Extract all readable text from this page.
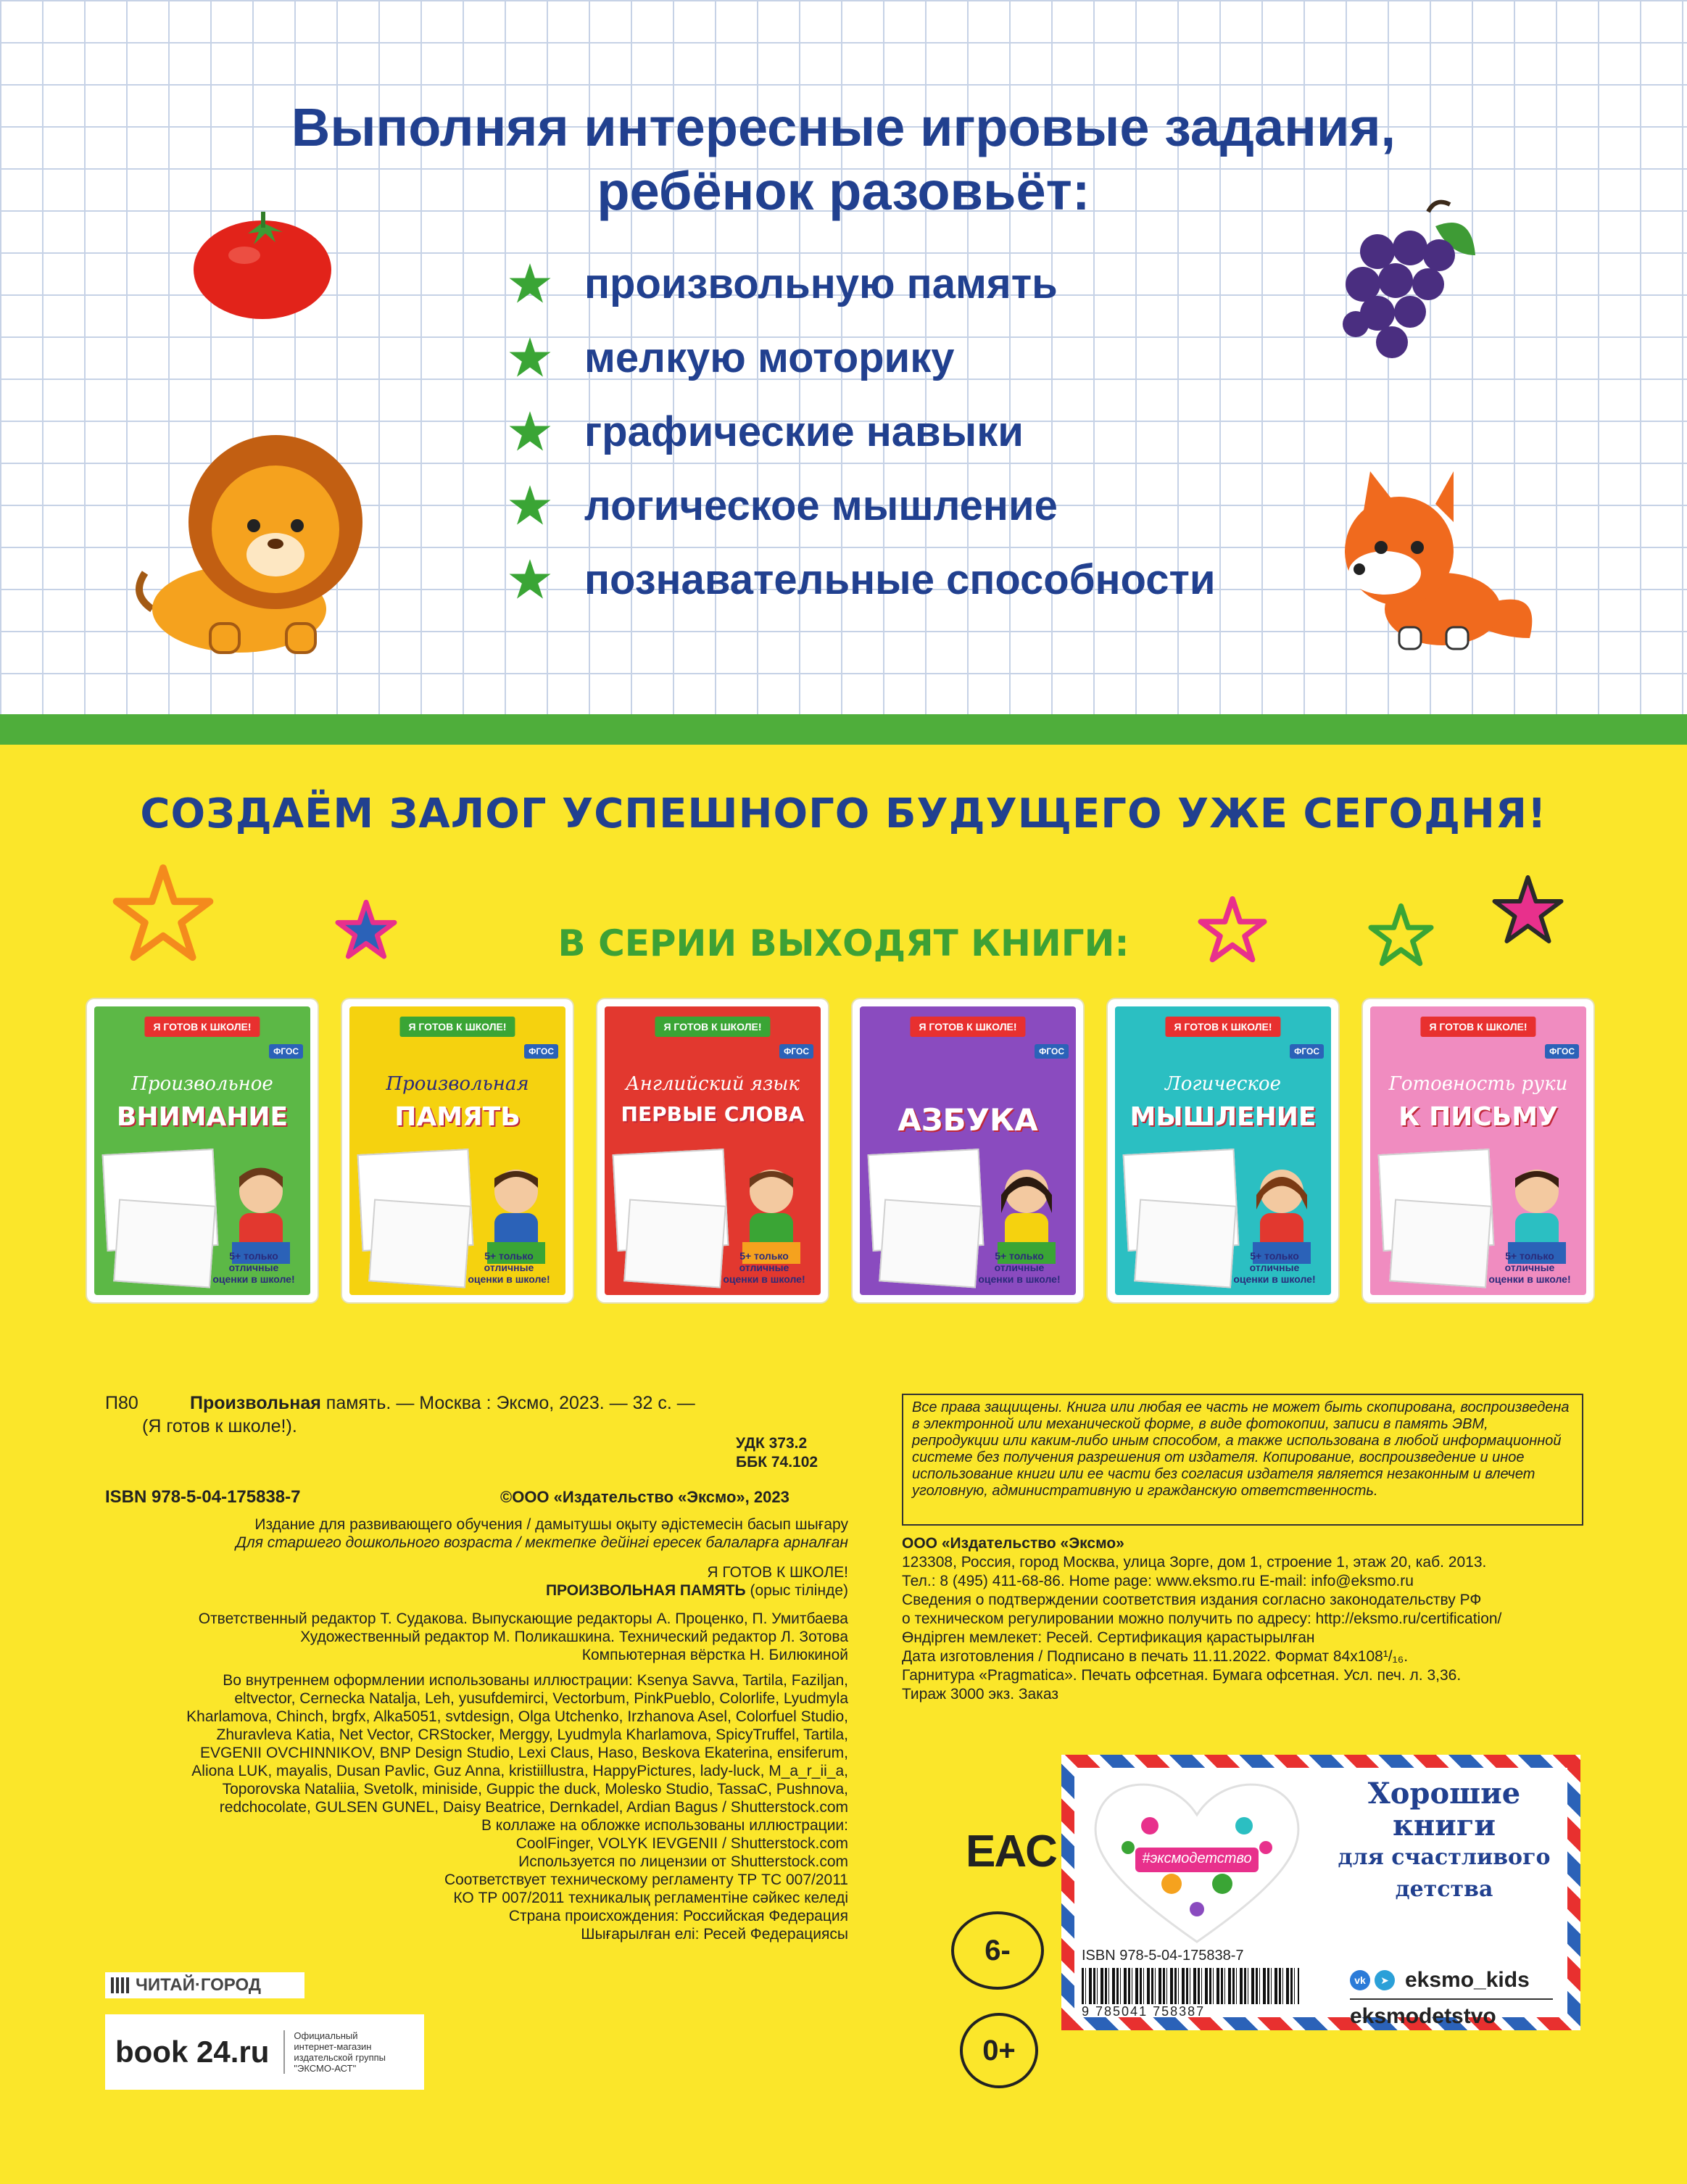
Выполняя интересные игровые задания,
ребёнок разовьёт:
произвольную память
мелкую моторику
графические навыки
логическое мышление
познавательные способности
СОЗДАЁМ ЗАЛОГ УСПЕШНОГО БУДУЩЕГО УЖЕ СЕГОДНЯ!
В СЕРИИ ВЫХОДЯТ КНИГИ:
Я ГОТОВ К ШКОЛЕ!
ФГОС
Произвольное
ВНИМАНИЕ
5+ только отличные оценки в школе!
Я ГОТОВ К ШКОЛЕ!
ФГОС
Произвольная
ПАМЯТЬ
5+ только отличные оценки в школе!
Я ГОТОВ К ШКОЛЕ!
ФГОС
Английский язык
ПЕРВЫЕ СЛОВА
5+ только отличные оценки в школе!
Я ГОТОВ К ШКОЛЕ!
ФГОС
АЗБУКА
5+ только отличные оценки в школе!
Я ГОТОВ К ШКОЛЕ!
ФГОС
Логическое
МЫШЛЕНИЕ
5+ только отличные оценки в школе!
Я ГОТОВ К ШКОЛЕ!
ФГОС
Готовность руки
К ПИСЬМУ
5+ только отличные оценки в школе!
П80	Произвольная память. — Москва : Эксмо, 2023. — 32 с. —
(Я готов к школе!).
УДК 373.2
ББК 74.102
ISBN 978-5-04-175838-7	©ООО «Издательство «Эксмо», 2023
Издание для развивающего обучения / дамытушы оқыту әдістемесін басып шығару
Для старшего дошкольного возраста / мектепке дейінгі ересек балаларға арналған
Я ГОТОВ К ШКОЛЕ!
ПРОИЗВОЛЬНАЯ ПАМЯТЬ (орыс тілінде)
Ответственный редактор Т. Судакова. Выпускающие редакторы А. Проценко, П. Умитбаева
Художественный редактор М. Поликашкина. Технический редактор Л. Зотова
Компьютерная вёрстка Н. Билюкиной
Во внутреннем оформлении использованы иллюстрации: Ksenya Savva, Tartila, Faziljan,
eltvector, Cernecka Natalja, Leh, yusufdemirci, Vectorbum, PinkPueblo, Colorlife, Lyudmyla
Kharlamova, Chinch, brgfx, Alka5051, svtdesign, Olga Utchenko, Irzhanova Asel, Colorfuel Studio,
Zhuravleva Katia, Net Vector, CRStocker, Merggy, Lyudmyla Kharlamova, SpicyTruffel, Tartila,
EVGENII OVCHINNIKOV, BNP Design Studio, Lexi Claus, Haso, Beskova Ekaterina, ensiferum,
Aliona LUK, mayalis, Dusan Pavlic, Guz Anna, kristiillustra, HappyPictures, lady-luck, M_a_r_ii_a,
Toporovska Nataliia, Svetolk, miniside, Guppic the duck, Molesko Studio, TassaC, Pushnova,
redchocolate, GULSEN GUNEL, Daisy Beatrice, Dernkadel, Ardian Bagus / Shutterstock.com
В коллаже на обложке использованы иллюстрации:
CoolFinger, VOLYK IEVGENII / Shutterstock.com
Используется по лицензии от Shutterstock.com
Соответствует техническому регламенту ТР ТС 007/2011
КО ТР 007/2011 техникалық регламентіне сәйкес келеді
Страна происхождения: Российская Федерация
Шығарылған елі: Ресей Федерациясы
Все права защищены. Книга или любая ее часть не может быть скопирована, воспроизведена в электронной или механической форме, в виде фотокопии, записи в память ЭВМ, репродукции или каким-либо иным способом, а также использована в любой информационной системе без получения разрешения от издателя. Копирование, воспроизведение и иное использование книги или ее части без согласия издателя является незаконным и влечет уголовную, административную и гражданскую ответственность.
ООО «Издательство «Эксмо»
123308, Россия, город Москва, улица Зорге, дом 1, строение 1, этаж 20, каб. 2013.
Тел.: 8 (495) 411-68-86. Home page: www.eksmo.ru E-mail: info@eksmo.ru
Сведения о подтверждении соответствия издания согласно законодательству РФ
о техническом регулировании можно получить по адресу: http://eksmo.ru/certification/
Өндірген мемлекет: Ресей. Сертификация қарастырылған
Дата изготовления / Подписано в печать 11.11.2022. Формат 84x108¹/₁₆.
Гарнитура «Pragmatica». Печать офсетная. Бумага офсетная. Усл. печ. л. 3,36.
Тираж 3000 экз. Заказ
ЧИТАЙ·ГОРОД
book 24.ru	Официальный
интернет-магазин
издательской группы
"ЭКСМО-АСТ"
EAC
6-
0+
#эксмодетство
Хорошие
книги
для счастливого
детства
ISBN 978-5-04-175838-7
9 785041 758387
vk	➤ eksmo_kids
eksmodetstvo
